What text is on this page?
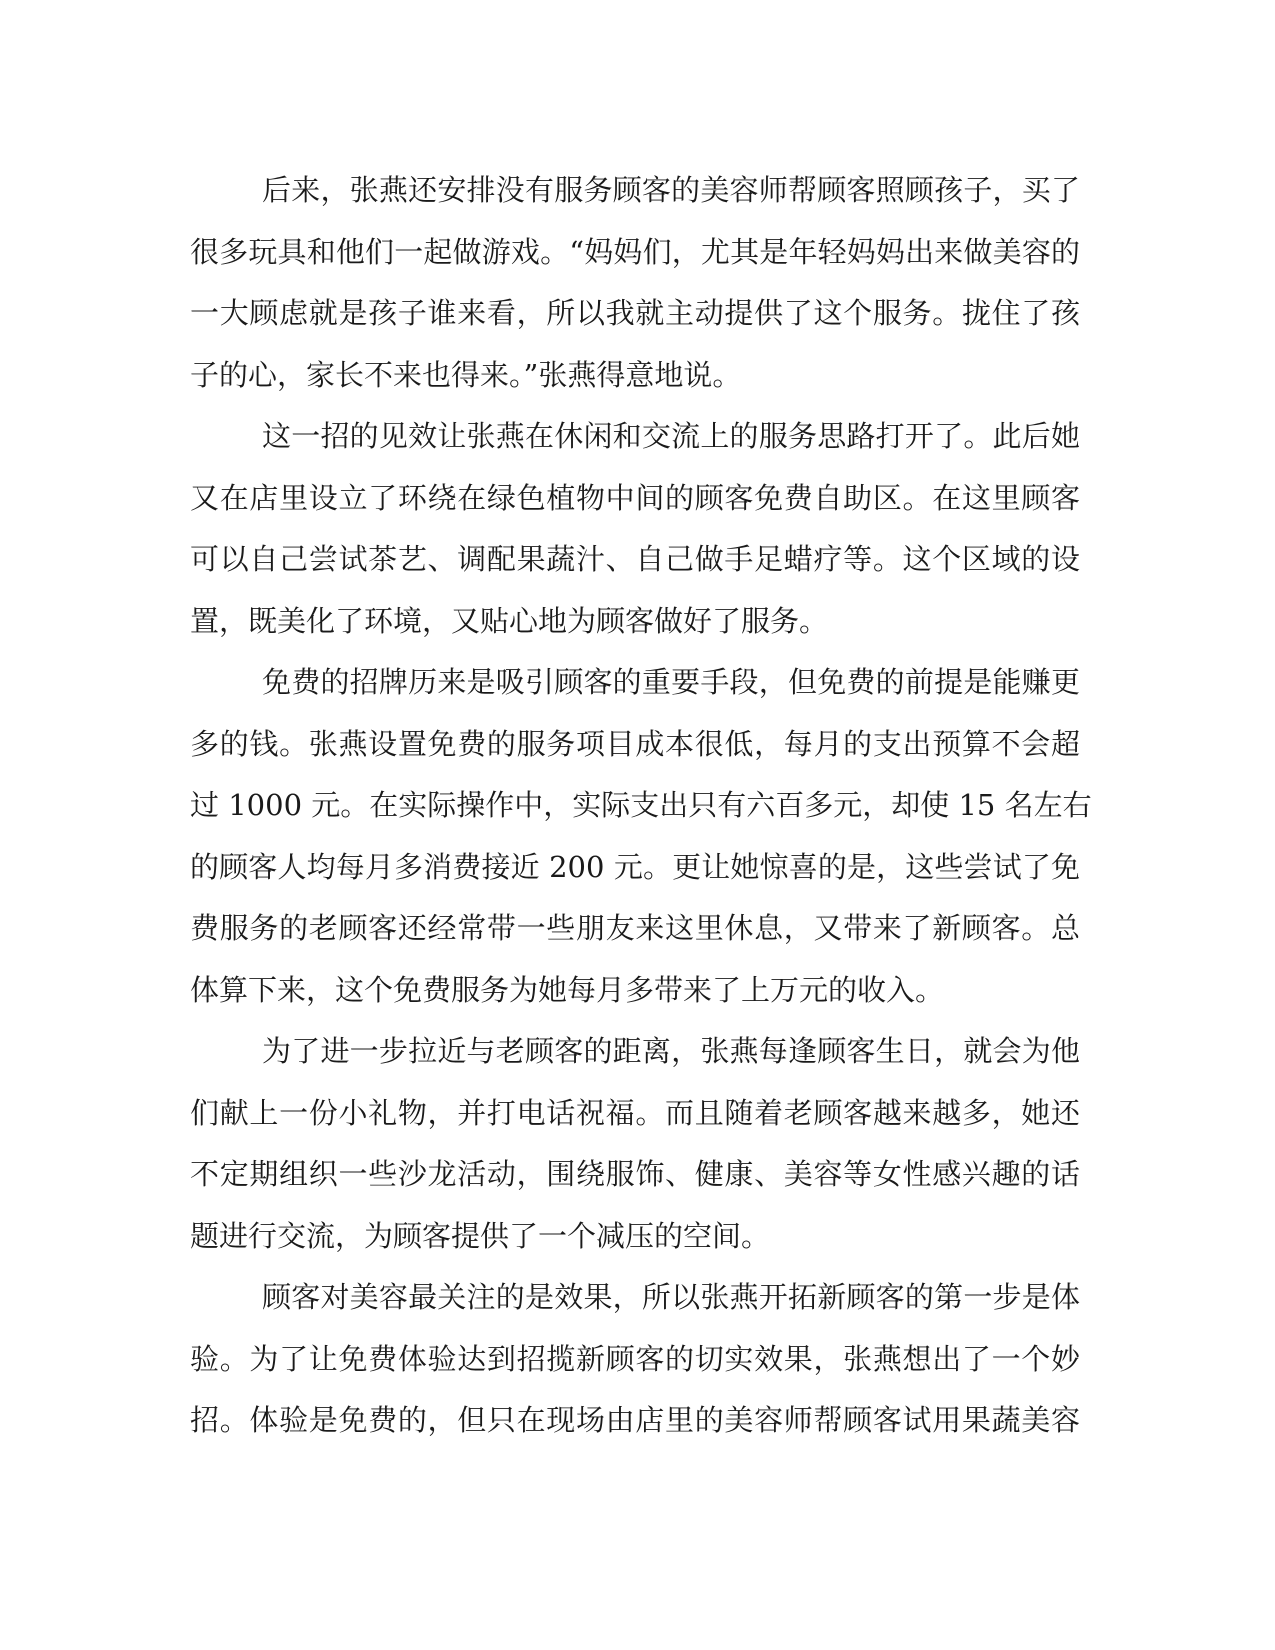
后来，张燕还安排没有服务顾客的美容师帮顾客照顾孩子，买了
很多玩具和他们一起做游戏。“妈妈们，尤其是年轻妈妈出来做美容的
一大顾虑就是孩子谁来看，所以我就主动提供了这个服务。拢住了孩
子的心，家长不来也得来。”张燕得意地说。
这一招的见效让张燕在休闲和交流上的服务思路打开了。此后她
又在店里设立了环绕在绿色植物中间的顾客免费自助区。在这里顾客
可以自己尝试茶艺、调配果蔬汁、自己做手足蜡疗等。这个区域的设
置，既美化了环境，又贴心地为顾客做好了服务。
免费的招牌历来是吸引顾客的重要手段，但免费的前提是能赚更
多的钱。张燕设置免费的服务项目成本很低，每月的支出预算不会超
过 1000 元。在实际操作中，实际支出只有六百多元，却使 15 名左右
的顾客人均每月多消费接近 200 元。更让她惊喜的是，这些尝试了免
费服务的老顾客还经常带一些朋友来这里休息，又带来了新顾客。总
体算下来，这个免费服务为她每月多带来了上万元的收入。
为了进一步拉近与老顾客的距离，张燕每逢顾客生日，就会为他
们献上一份小礼物，并打电话祝福。而且随着老顾客越来越多，她还
不定期组织一些沙龙活动，围绕服饰、健康、美容等女性感兴趣的话
题进行交流，为顾客提供了一个减压的空间。
顾客对美容最关注的是效果，所以张燕开拓新顾客的第一步是体
验。为了让免费体验达到招揽新顾客的切实效果，张燕想出了一个妙
招。体验是免费的，但只在现场由店里的美容师帮顾客试用果蔬美容
